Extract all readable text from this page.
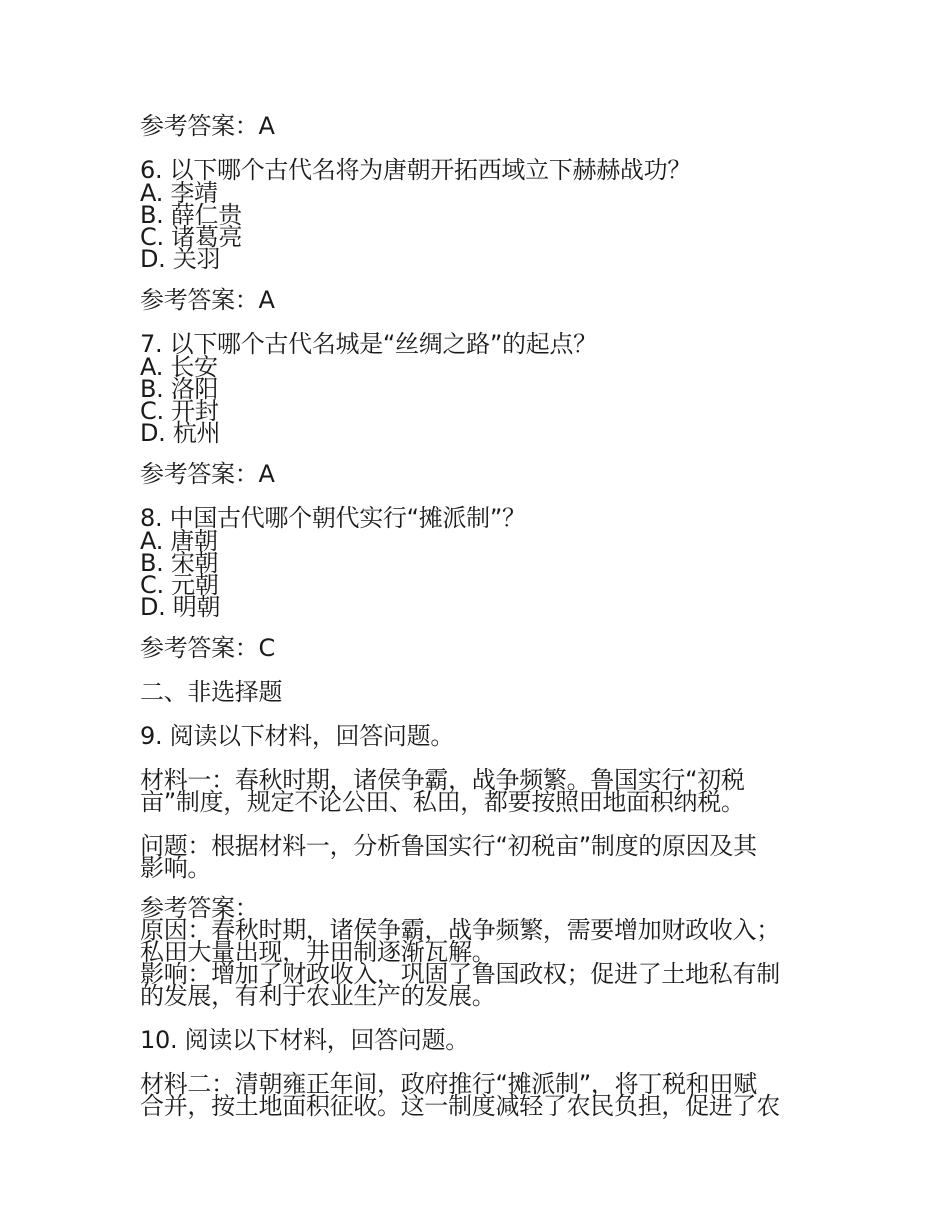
参考答案：A
6. 以下哪个古代名将为唐朝开拓西域立下赫赫战功？
A. 李靖
B. 薛仁贵
C. 诸葛亮
D. 关羽
参考答案：A
7. 以下哪个古代名城是“丝绸之路”的起点？
A. 长安
B. 洛阳
C. 开封
D. 杭州
参考答案：A
8. 中国古代哪个朝代实行“摊派制”？
A. 唐朝
B. 宋朝
C. 元朝
D. 明朝
参考答案：C
二、非选择题
9. 阅读以下材料，回答问题。
材料一：春秋时期，诸侯争霸，战争频繁。鲁国实行“初税
亩”制度，规定不论公田、私田，都要按照田地面积纳税。
问题：根据材料一，分析鲁国实行“初税亩”制度的原因及其
影响。
参考答案：
原因：春秋时期，诸侯争霸，战争频繁，需要增加财政收入；
私田大量出现，井田制逐渐瓦解。
影响：增加了财政收入，巩固了鲁国政权；促进了土地私有制
的发展，有利于农业生产的发展。
10. 阅读以下材料，回答问题。
材料二：清朝雍正年间，政府推行“摊派制”，将丁税和田赋
合并，按土地面积征收。这一制度减轻了农民负担，促进了农
